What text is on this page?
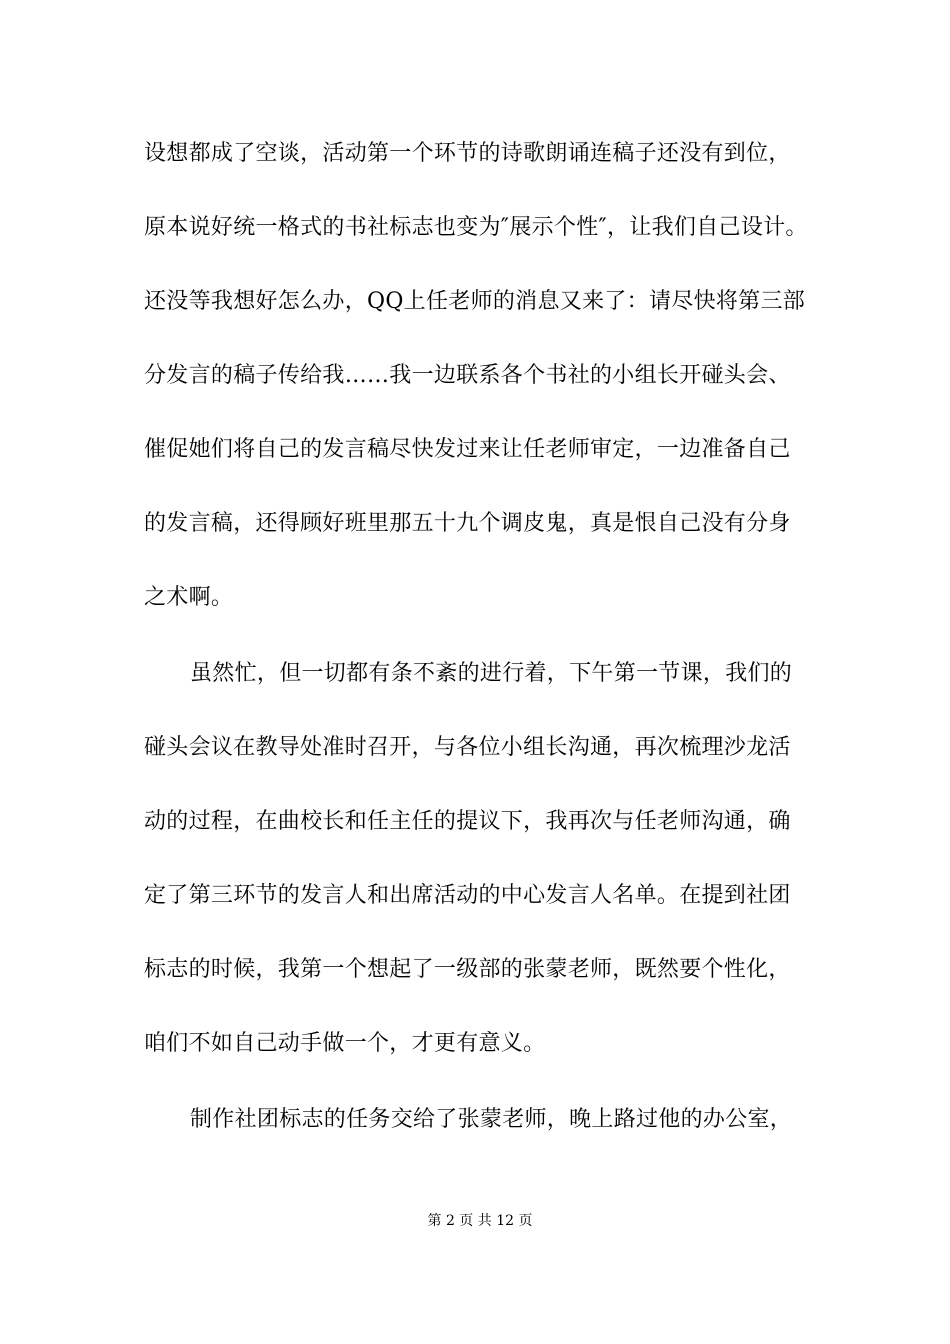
设想都成了空谈，活动第一个环节的诗歌朗诵连稿子还没有到位，
原本说好统一格式的书社标志也变为″展示个性″，让我们自己设计。
还没等我想好怎么办，QQ上任老师的消息又来了：请尽快将第三部
分发言的稿子传给我……我一边联系各个书社的小组长开碰头会、
催促她们将自己的发言稿尽快发过来让任老师审定，一边准备自己
的发言稿，还得顾好班里那五十九个调皮鬼，真是恨自己没有分身
之术啊。
虽然忙，但一切都有条不紊的进行着，下午第一节课，我们的
碰头会议在教导处准时召开，与各位小组长沟通，再次梳理沙龙活
动的过程，在曲校长和任主任的提议下，我再次与任老师沟通，确
定了第三环节的发言人和出席活动的中心发言人名单。在提到社团
标志的时候，我第一个想起了一级部的张蒙老师，既然要个性化，
咱们不如自己动手做一个，才更有意义。
制作社团标志的任务交给了张蒙老师，晚上路过他的办公室，
第 2 页 共 12 页
